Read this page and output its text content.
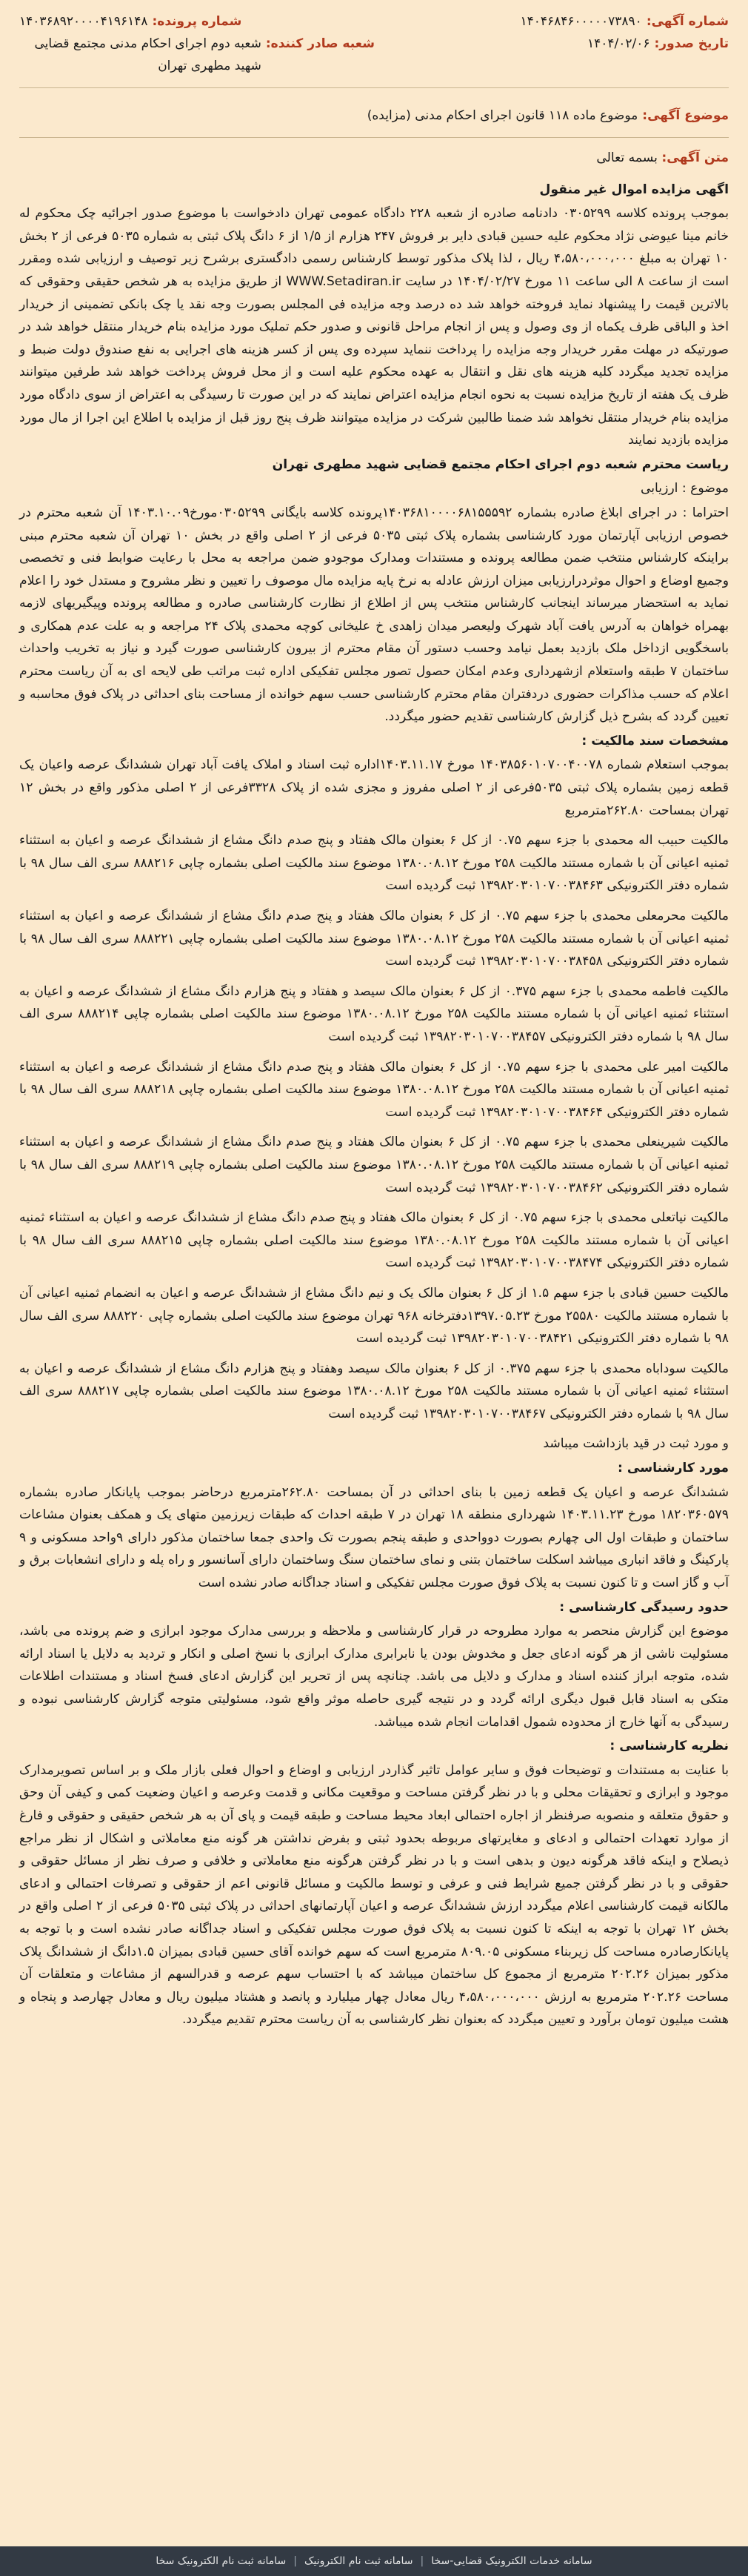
شماره آگهی:
۱۴۰۴۶۸۴۶۰۰۰۰۰۷۳۸۹۰
شماره پرونده:
۱۴۰۳۶۸۹۲۰۰۰۰۴۱۹۶۱۴۸
تاریخ صدور:
۱۴۰۴/۰۲/۰۶
شعبه صادر کننده:
شعبه دوم اجرای احکام مدنی مجتمع قضایی شهید مطهری تهران
موضوع آگهی:
موضوع ماده ۱۱۸ قانون اجرای احکام مدنی (مزایده)

متن آگهی: بسمه تعالی

اگهی مزایده اموال غیر منقول

بموجب پرونده کلاسه ۰۳۰۵۲۹۹ دادنامه صادره از شعبه ۲۲۸ دادگاه عمومی تهران دادخواست با موضوع صدور اجرائیه چک محکوم له خانم مینا عیوضی نژاد محکوم علیه حسین قبادی دایر بر فروش ۲۴۷ هزارم از ۱/۵ از ۶ دانگ پلاک ثبتی به شماره ۵۰۳۵ فرعی از ۲ بخش ۱۰ تهران به مبلغ ۴،۵۸۰،۰۰۰،۰۰۰ ریال ، لذا پلاک مذکور توسط کارشناس رسمی دادگستری برشرح زیر توصیف و ارزیابی شده ومقرر است از ساعت ۸ الی ساعت ۱۱ مورخ ۱۴۰۴/۰۲/۲۷ در سایت WWW.Setadiran.ir از طریق مزایده به هر شخص حقیقی وحقوقی که بالاترین قیمت را پیشنهاد نماید فروخته خواهد شد ده درصد وجه مزایده فی المجلس بصورت وجه نقد یا چک بانکی تضمینی از خریدار اخذ و الباقی ظرف یکماه از وی وصول و پس از انجام مراحل قانونی و صدور حکم تملیک مورد مزایده بنام خریدار منتقل خواهد شد در صورتیکه در مهلت مقرر خریدار وجه مزایده را پرداخت ننماید سپرده وی پس از کسر هزینه های اجرایی به نفع صندوق دولت ضبط و مزایده تجدید میگردد کلیه هزینه های نقل و انتقال به عهده محکوم علیه است و از محل فروش پرداخت خواهد شد طرفین میتوانند ظرف یک هفته از تاریخ مزایده نسبت به نحوه انجام مزایده اعتراض نمایند که در این صورت تا رسیدگی به اعتراض از سوی دادگاه مورد مزایده بنام خریدار منتقل نخواهد شد ضمنا طالبین شرکت در مزایده میتوانند ظرف پنج روز قبل از مزایده با اطلاع این اجرا از مال مورد مزایده بازدید نمایند

ریاست محترم شعبه دوم اجرای احکام مجتمع قضایی شهید مطهری تهران

موضوع : ارزیابی

احتراما : در اجرای ابلاغ صادره بشماره ۱۴۰۳۶۸۱۰۰۰۰۶۸۱۵۵۵۹۲پرونده کلاسه بایگانی ۰۳۰۵۲۹۹مورخ۱۴۰۳.۱۰.۰۹ آن شعبه محترم در خصوص ارزیابی آپارتمان مورد کارشناسی بشماره پلاک ثبتی ۵۰۳۵ فرعی از ۲ اصلی واقع در بخش ۱۰ تهران آن شعبه محترم مبنی براینکه کارشناس منتخب ضمن مطالعه پرونده و مستندات ومدارک موجودو ضمن مراجعه به محل با رعایت ضوابط فنی و تخصصی وجمیع اوضاع و احوال موثردرارزیابی میزان ارزش عادله به نرخ پایه مزایده مال موصوف را تعیین و نظر مشروح و مستدل خود را اعلام نماید به استحضار میرساند اینجانب کارشناس منتخب پس از اطلاع از نظارت کارشناسی صادره و مطالعه پرونده وپیگیریهای لازمه بهمراه خواهان به آدرس یافت آباد شهرک ولیعصر میدان زاهدی خ علیخانی کوچه محمدی پلاک ۲۴ مراجعه و به علت عدم همکاری و باسخگویی ازداخل ملک بازدید بعمل نیامد وحسب دستور آن مقام محترم از بیرون کارشناسی صورت گیرد و نیاز به تخریب واحداث ساختمان ۷ طبقه واستعلام ازشهرداری وعدم امکان حصول تصور مجلس تفکیکی اداره ثبت مراتب طی لایحه ای به آن ریاست محترم اعلام که حسب مذاکرات حضوری دردفتران مقام محترم کارشناسی حسب سهم خوانده از مساحت بنای احداثی در پلاک فوق محاسبه و تعیین گردد که بشرح ذیل گزارش کارشناسی تقدیم حضور میگردد.

مشخصات سند مالکیت :

بموجب استعلام شماره ۱۴۰۳۸۵۶۰۱۰۷۰۰۴۰۰۷۸ مورخ ۱۴۰۳.۱۱.۱۷اداره ثبت اسناد و املاک یافت آباد تهران ششدانگ عرصه واعیان یک قطعه زمین بشماره پلاک ثبتی ۵۰۳۵فرعی از ۲ اصلی مفروز و مجزی شده از پلاک ۳۳۲۸فرعی از ۲ اصلی مذکور واقع در بخش ۱۲ تهران بمساحت ۲۶۲.۸۰مترمربع

مالکیت حبیب اله محمدی با جزء سهم ۰.۷۵ از کل ۶ بعنوان مالک هفتاد و پنج صدم دانگ مشاع از ششدانگ عرصه و اعیان به استثناء ثمنیه اعیانی آن با شماره مستند مالکیت ۲۵۸ مورخ ۱۳۸۰.۰۸.۱۲ موضوع سند مالکیت اصلی بشماره چاپی ۸۸۸۲۱۶ سری الف سال ۹۸ با شماره دفتر الکترونیکی ۱۳۹۸۲۰۳۰۱۰۷۰۰۳۸۴۶۳ ثبت گردیده است

مالکیت محرمعلی محمدی با جزء سهم ۰.۷۵ از کل ۶ بعنوان مالک هفتاد و پنج صدم دانگ مشاع از ششدانگ عرصه و اعیان به استثناء ثمنیه اعیانی آن با شماره مستند مالکیت ۲۵۸ مورخ ۱۳۸۰.۰۸.۱۲ موضوع سند مالکیت اصلی بشماره چاپی ۸۸۸۲۲۱ سری الف سال ۹۸ با شماره دفتر الکترونیکی ۱۳۹۸۲۰۳۰۱۰۷۰۰۳۸۴۵۸ ثبت گردیده است

مالکیت فاطمه محمدی با جزء سهم ۰.۳۷۵ از کل ۶ بعنوان مالک سیصد و هفتاد و پنج هزارم دانگ مشاع از ششدانگ عرصه و اعیان به استثناء ثمنیه اعیانی آن با شماره مستند مالکیت ۲۵۸ مورخ ۱۳۸۰.۰۸.۱۲ موضوع سند مالکیت اصلی بشماره چاپی ۸۸۸۲۱۴ سری الف سال ۹۸ با شماره دفتر الکترونیکی ۱۳۹۸۲۰۳۰۱۰۷۰۰۳۸۴۵۷ ثبت گردیده است

مالکیت امیر علی محمدی با جزء سهم ۰.۷۵ از کل ۶ بعنوان مالک هفتاد و پنج صدم دانگ مشاع از ششدانگ عرصه و اعیان به استثناء ثمنیه اعیانی آن با شماره مستند مالکیت ۲۵۸ مورخ ۱۳۸۰.۰۸.۱۲ موضوع سند مالکیت اصلی بشماره چاپی ۸۸۸۲۱۸ سری الف سال ۹۸ با شماره دفتر الکترونیکی ۱۳۹۸۲۰۳۰۱۰۷۰۰۳۸۴۶۴ ثبت گردیده است

مالکیت شیرینعلی محمدی با جزء سهم ۰.۷۵ از کل ۶ بعنوان مالک هفتاد و پنج صدم دانگ مشاع از ششدانگ عرصه و اعیان به استثناء ثمنیه اعیانی آن با شماره مستند مالکیت ۲۵۸ مورخ ۱۳۸۰.۰۸.۱۲ موضوع سند مالکیت اصلی بشماره چاپی ۸۸۸۲۱۹ سری الف سال ۹۸ با شماره دفتر الکترونیکی ۱۳۹۸۲۰۳۰۱۰۷۰۰۳۸۴۶۲ ثبت گردیده است

مالکیت نیاتعلی محمدی با جزء سهم ۰.۷۵ از کل ۶ بعنوان مالک هفتاد و پنج صدم دانگ مشاع از ششدانگ عرصه و اعیان به استثناء ثمنیه اعیانی آن با شماره مستند مالکیت ۲۵۸ مورخ ۱۳۸۰.۰۸.۱۲ موضوع سند مالکیت اصلی بشماره چاپی ۸۸۸۲۱۵ سری الف سال ۹۸ با شماره دفتر الکترونیکی ۱۳۹۸۲۰۳۰۱۰۷۰۰۳۸۴۷۴ ثبت گردیده است

مالکیت حسین قبادی با جزء سهم ۱.۵ از کل ۶ بعنوان مالک یک و نیم دانگ مشاع از ششدانگ عرصه و اعیان به انضمام ثمنیه اعیانی آن با شماره مستند مالکیت ۲۵۵۸۰ مورخ ۱۳۹۷.۰۵.۲۳دفترخانه ۹۶۸ تهران موضوع سند مالکیت اصلی بشماره چاپی ۸۸۸۲۲۰ سری الف سال ۹۸ با شماره دفتر الکترونیکی ۱۳۹۸۲۰۳۰۱۰۷۰۰۳۸۴۲۱ ثبت گردیده است

مالکیت سوداباه محمدی با جزء سهم ۰.۳۷۵ از کل ۶ بعنوان مالک سیصد وهفتاد و پنج هزارم دانگ مشاع از ششدانگ عرصه و اعیان به استثناء ثمنیه اعیانی آن با شماره مستند مالکیت ۲۵۸ مورخ ۱۳۸۰.۰۸.۱۲ موضوع سند مالکیت اصلی بشماره چاپی ۸۸۸۲۱۷ سری الف سال ۹۸ با شماره دفتر الکترونیکی ۱۳۹۸۲۰۳۰۱۰۷۰۰۳۸۴۶۷ ثبت گردیده است

و مورد ثبت در قید بازداشت میباشد

مورد کارشناسی :

ششدانگ عرصه و اعیان یک قطعه زمین با بنای احداثی در آن بمساحت ۲۶۲.۸۰مترمربع درحاضر بموجب پایانکار صادره بشماره ۱۸۲۰۳۶۰۵۷۹ مورخ ۱۴۰۳.۱۱.۲۳ شهرداری منطقه ۱۸ تهران در ۷ طبقه احداث که طبقات زیرزمین متهای یک و همکف بعنوان مشاعات ساختمان و طبقات اول الی چهارم بصورت دوواحدی و طبقه پنجم بصورت تک واحدی جمعا ساختمان مذکور دارای ۹واحد مسکونی و ۹ پارکینگ و فاقد انباری میباشد اسکلت ساختمان بتنی و نمای ساختمان سنگ وساختمان دارای آسانسور و راه پله و دارای انشعابات برق و آب و گاز است و تا کنون نسبت به پلاک فوق صورت مجلس تفکیکی و اسناد جداگانه صادر نشده است

حدود رسیدگی کارشناسی :

موضوع این گزارش منحصر به موارد مطروحه در قرار کارشناسی و ملاحظه و بررسی مدارک موجود ابرازی و ضم پرونده می باشد، مسئولیت ناشی از هر گونه ادعای جعل و مخدوش بودن یا نابرابری مدارک ابرازی با نسخ اصلی و انکار و تردید به دلایل یا اسناد ارائه شده، متوجه ابراز کننده اسناد و مدارک و دلایل می باشد. چنانچه پس از تحریر این گزارش ادعای فسخ اسناد و مستندات اطلاعات متکی به اسناد قابل قبول دیگری ارائه گردد و در نتیجه گیری حاصله موثر واقع شود، مسئولیتی متوجه گزارش کارشناسی نبوده و رسیدگی به آنها خارج از محدوده شمول اقدامات انجام شده میباشد.

نظریه کارشناسی :

با عنایت به مستندات و توضیحات فوق و سایر عوامل تاثیر گذاردر ارزیابی و اوضاع و احوال فعلی بازار ملک و بر اساس تصویرمدارک موجود و ابرازی و تحقیقات محلی و با در نظر گرفتن مساحت و موقعیت مکانی و قدمت وعرصه و اعیان وضعیت کمی و کیفی آن وحق و حقوق متعلقه و منصوبه صرفنظر از اجاره احتمالی ابعاد محیط مساحت و طبقه قیمت و پای آن به هر شخص حقیقی و حقوقی و فارغ از موارد تعهدات احتمالی و ادعای و مغایرتهای مربوطه بحدود ثبتی و بفرض نداشتن هر گونه منع معاملاتی و اشکال از نظر مراجع ذیصلاح و اینکه فاقد هرگونه دیون و بدهی است و با در نظر گرفتن هرگونه منع معاملاتی و خلافی و صرف نظر از مسائل حقوقی و حقوقی و با در نظر گرفتن جمیع شرایط فنی و عرفی و توسط مالکیت و مسائل قانونی اعم از حقوقی و تصرفات احتمالی و ادعای مالکانه قیمت کارشناسی اعلام میگردد ارزش ششدانگ عرصه و اعیان آپارتمانهای احداثی در پلاک ثبتی ۵۰۳۵ فرعی از ۲ اصلی واقع در بخش ۱۲ تهران با توجه به اینکه تا کنون نسبت به پلاک فوق صورت مجلس تفکیکی و اسناد جداگانه صادر نشده است و با توجه به پایانکارصادره مساحت کل زیربناء مسکونی ۸۰۹.۰۵ مترمربع است که سهم خوانده آقای حسین قبادی بمیزان ۱.۵دانگ از ششدانگ پلاک مذکور بمیزان ۲۰۲.۲۶ مترمربع از مجموع کل ساختمان میباشد که با احتساب سهم عرصه و قدرالسهم از مشاعات و متعلقات آن مساحت ۲۰۲.۲۶ مترمربع به ارزش ۴،۵۸۰،۰۰۰،۰۰۰ ریال معادل چهار میلیارد و پانصد و هشتاد میلیون ریال و معادل چهارصد و پنجاه و هشت میلیون تومان برآورد و تعیین میگردد که بعنوان نظر کارشناسی به آن ریاست محترم تقدیم میگردد.

سامانه خدمات الکترونیک قضایی-سخا
|
سامانه ثبت نام الکترونیک
|
سامانه ثبت نام الکترونیک سخا
